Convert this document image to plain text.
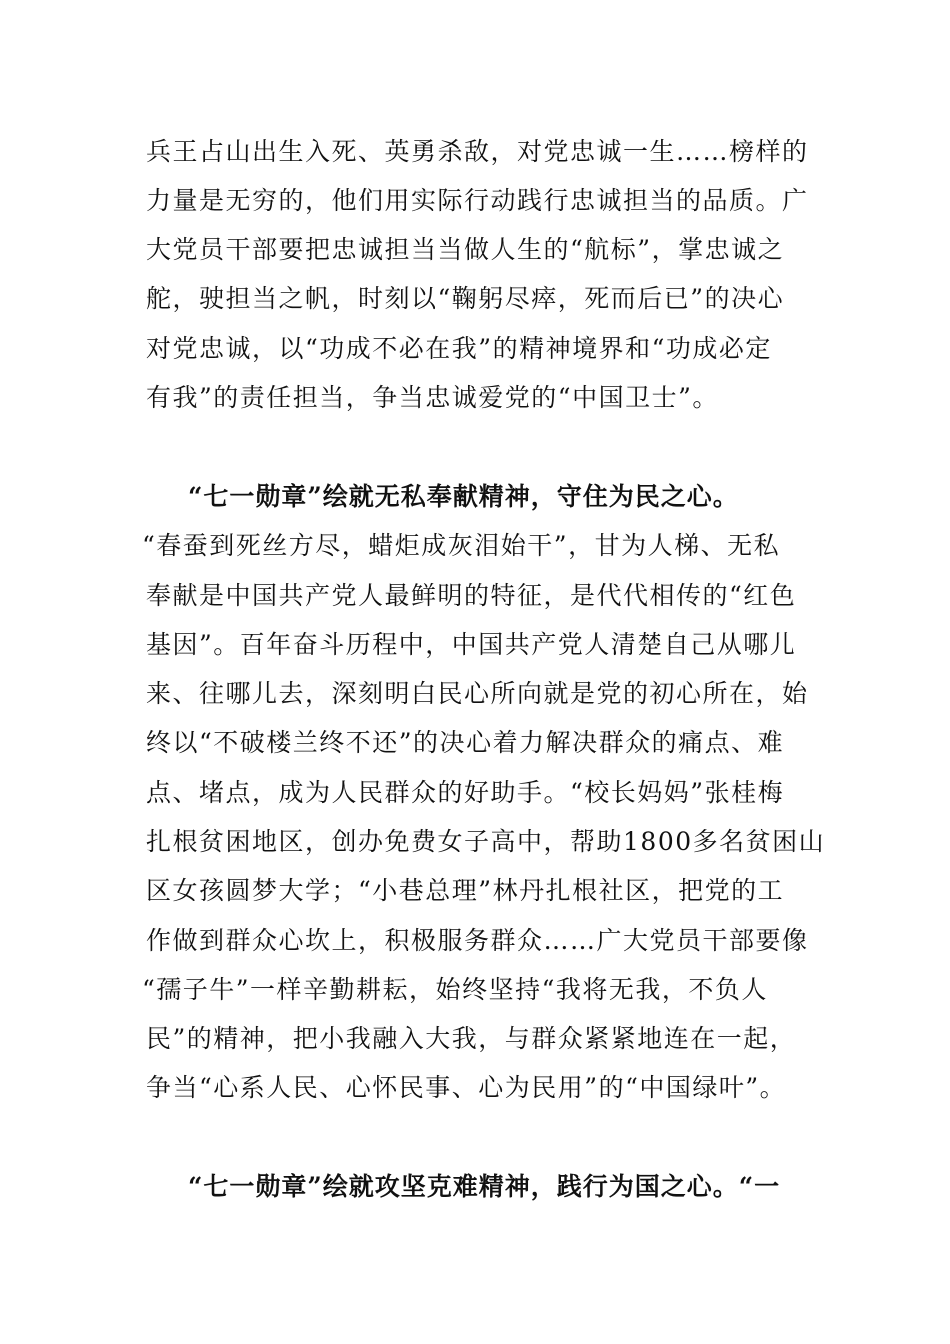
兵王占山出生入死、英勇杀敌，对党忠诚一生……榜样的
力量是无穷的，他们用实际行动践行忠诚担当的品质。广
大党员干部要把忠诚担当当做人生的“航标”，掌忠诚之
舵，驶担当之帆，时刻以“鞠躬尽瘁，死而后已”的决心
对党忠诚，以“功成不必在我”的精神境界和“功成必定
有我”的责任担当，争当忠诚爱党的“中国卫士”。
“七一勋章”绘就无私奉献精神，守住为民之心。
“春蚕到死丝方尽，蜡炬成灰泪始干”，甘为人梯、无私
奉献是中国共产党人最鲜明的特征，是代代相传的“红色
基因”。百年奋斗历程中，中国共产党人清楚自己从哪儿
来、往哪儿去，深刻明白民心所向就是党的初心所在，始
终以“不破楼兰终不还”的决心着力解决群众的痛点、难
点、堵点，成为人民群众的好助手。“校长妈妈”张桂梅
扎根贫困地区，创办免费女子高中，帮助1800多名贫困山
区女孩圆梦大学；“小巷总理”林丹扎根社区，把党的工
作做到群众心坎上，积极服务群众……广大党员干部要像
“孺子牛”一样辛勤耕耘，始终坚持“我将无我，不负人
民”的精神，把小我融入大我，与群众紧紧地连在一起，
争当“心系人民、心怀民事、心为民用”的“中国绿叶”。
“七一勋章”绘就攻坚克难精神，践行为国之心。“一
